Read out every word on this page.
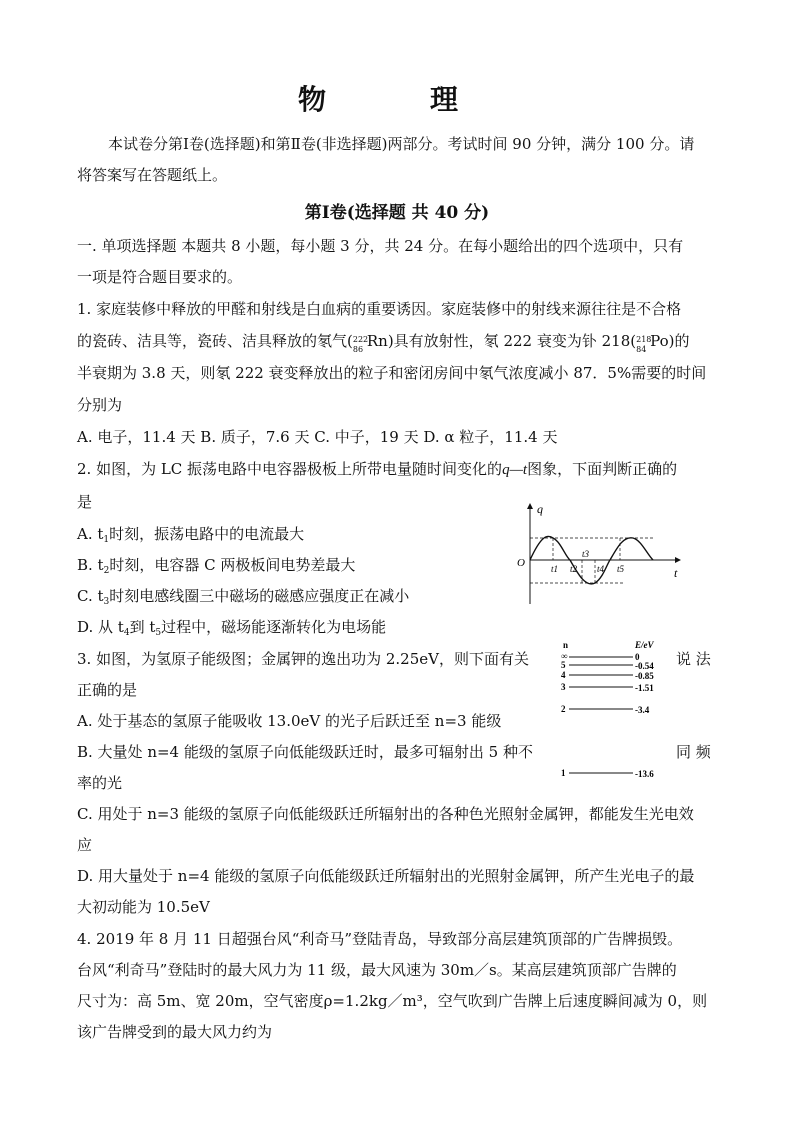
物　理
本试卷分第Ⅰ卷(选择题)和第Ⅱ卷(非选择题)两部分。考试时间 90 分钟，满分 100 分。请
将答案写在答题纸上。
第Ⅰ卷(选择题 共 40 分)
一. 单项选择题 本题共 8 小题，每小题 3 分，共 24 分。在每小题给出的四个选项中，只有
一项是符合题目要求的。
1. 家庭装修中释放的甲醛和射线是白血病的重要诱因。家庭装修中的射线来源往往是不合格
的瓷砖、洁具等，瓷砖、洁具释放的氡气( 222
86 Rn)具有放射性，氡 222 衰变为钋 218( 218
84 Po)的
半衰期为 3.8 天，则氡 222 衰变释放出的粒子和密闭房间中氡气浓度减小 87．5%需要的时间
分别为
A. 电子，11.4 天 B. 质子，7.6 天 C. 中子，19 天 D. α 粒子，11.4 天
2. 如图，为 LC 振荡电路中电容器极板上所带电量随时间变化的q—t图象，下面判断正确的
是
A. $t_1$时刻，振荡电路中的电流最大
B. $t_2$时刻，电容器 C 两极板间电势差最大
C. $t_3$时刻电感线圈三中磁场的磁感应强度正在减小
D. 从 $t_4$到 $t_5$过程中，磁场能逐渐转化为电场能
q
t
O	t1 t2
t3
t4 t5
3. 如图，为氢原子能级图；金属钾的逸出功为 2.25eV，则下面有关	说 法
正确的是
A. 处于基态的氢原子能吸收 13.0eV 的光子后跃迁至 n=3 能级
B. 大量处 n=4 能级的氢原子向低能级跃迁时，最多可辐射出 5 种不	同 频
率的光
C. 用处于 n=3 能级的氢原子向低能级跃迁所辐射出的各种色光照射金属钾，都能发生光电效
应
D. 用大量处于 n=4 能级的氢原子向低能级跃迁所辐射出的光照射金属钾，所产生光电子的最
大初动能为 10.5eV
n	E/eV
∞	0
5	-0.54
4	-0.85
3	-1.51
2	-3.4
1	-13.6
4. 2019 年 8 月 11 日超强台风“利奇马”登陆青岛，导致部分高层建筑顶部的广告牌损毁。
台风“利奇马”登陆时的最大风力为 11 级，最大风速为 30m／s。某高层建筑顶部广告牌的
尺寸为：高 5m、宽 20m，空气密度ρ=1.2kg／m³，空气吹到广告牌上后速度瞬间减为 0，则
该广告牌受到的最大风力约为
